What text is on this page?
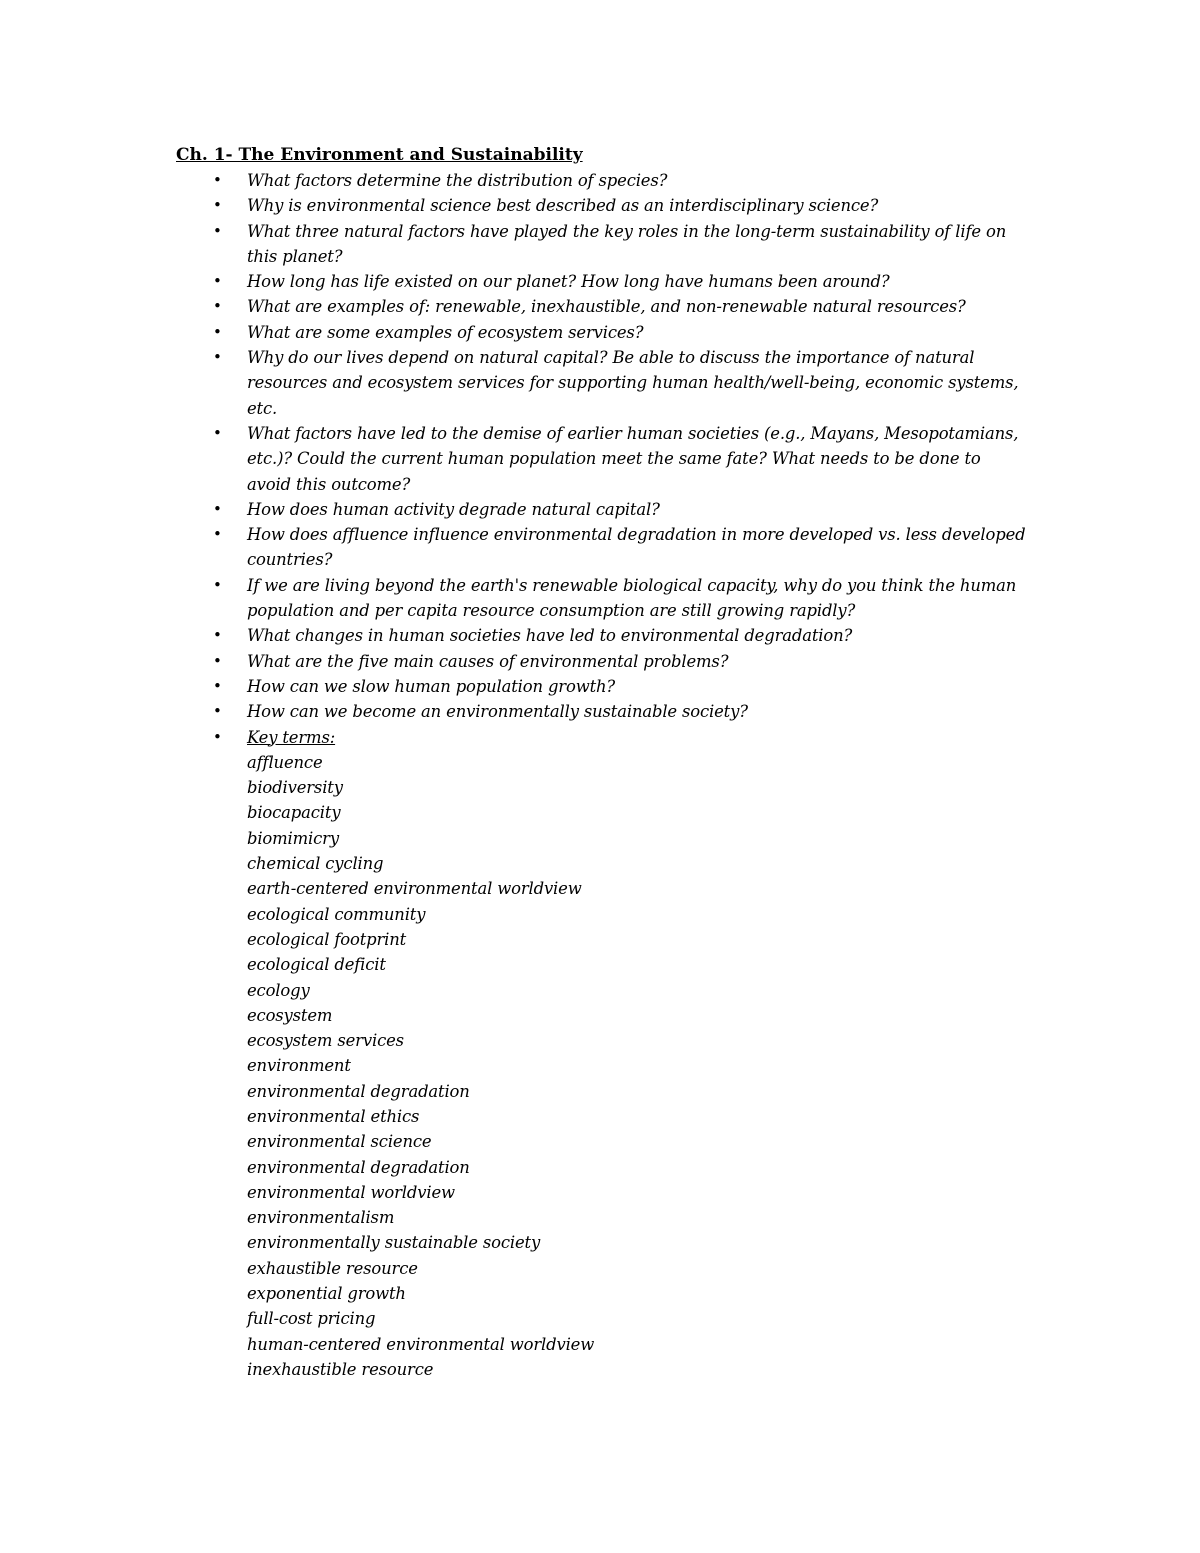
Ch. 1- The Environment and Sustainability
• What factors determine the distribution of species?
• Why is environmental science best described as an interdisciplinary science?
• What three natural factors have played the key roles in the long-term sustainability of life on this planet?
• How long has life existed on our planet? How long have humans been around?
• What are examples of: renewable, inexhaustible, and non-renewable natural resources?
• What are some examples of ecosystem services?
• Why do our lives depend on natural capital? Be able to discuss the importance of natural resources and ecosystem services for supporting human health/well-being, economic systems, etc.
• What factors have led to the demise of earlier human societies (e.g., Mayans, Mesopotamians, etc.)? Could the current human population meet the same fate? What needs to be done to avoid this outcome?
• How does human activity degrade natural capital?
• How does affluence influence environmental degradation in more developed vs. less developed countries?
• If we are living beyond the earth's renewable biological capacity, why do you think the human population and per capita resource consumption are still growing rapidly?
• What changes in human societies have led to environmental degradation?
• What are the five main causes of environmental problems?
• How can we slow human population growth?
• How can we become an environmentally sustainable society?
• Key terms:
affluence
biodiversity
biocapacity
biomimicry
chemical cycling
earth-centered environmental worldview
ecological community
ecological footprint
ecological deficit
ecology
ecosystem
ecosystem services
environment
environmental degradation
environmental ethics
environmental science
environmental degradation
environmental worldview
environmentalism
environmentally sustainable society
exhaustible resource
exponential growth
full-cost pricing
human-centered environmental worldview
inexhaustible resource
